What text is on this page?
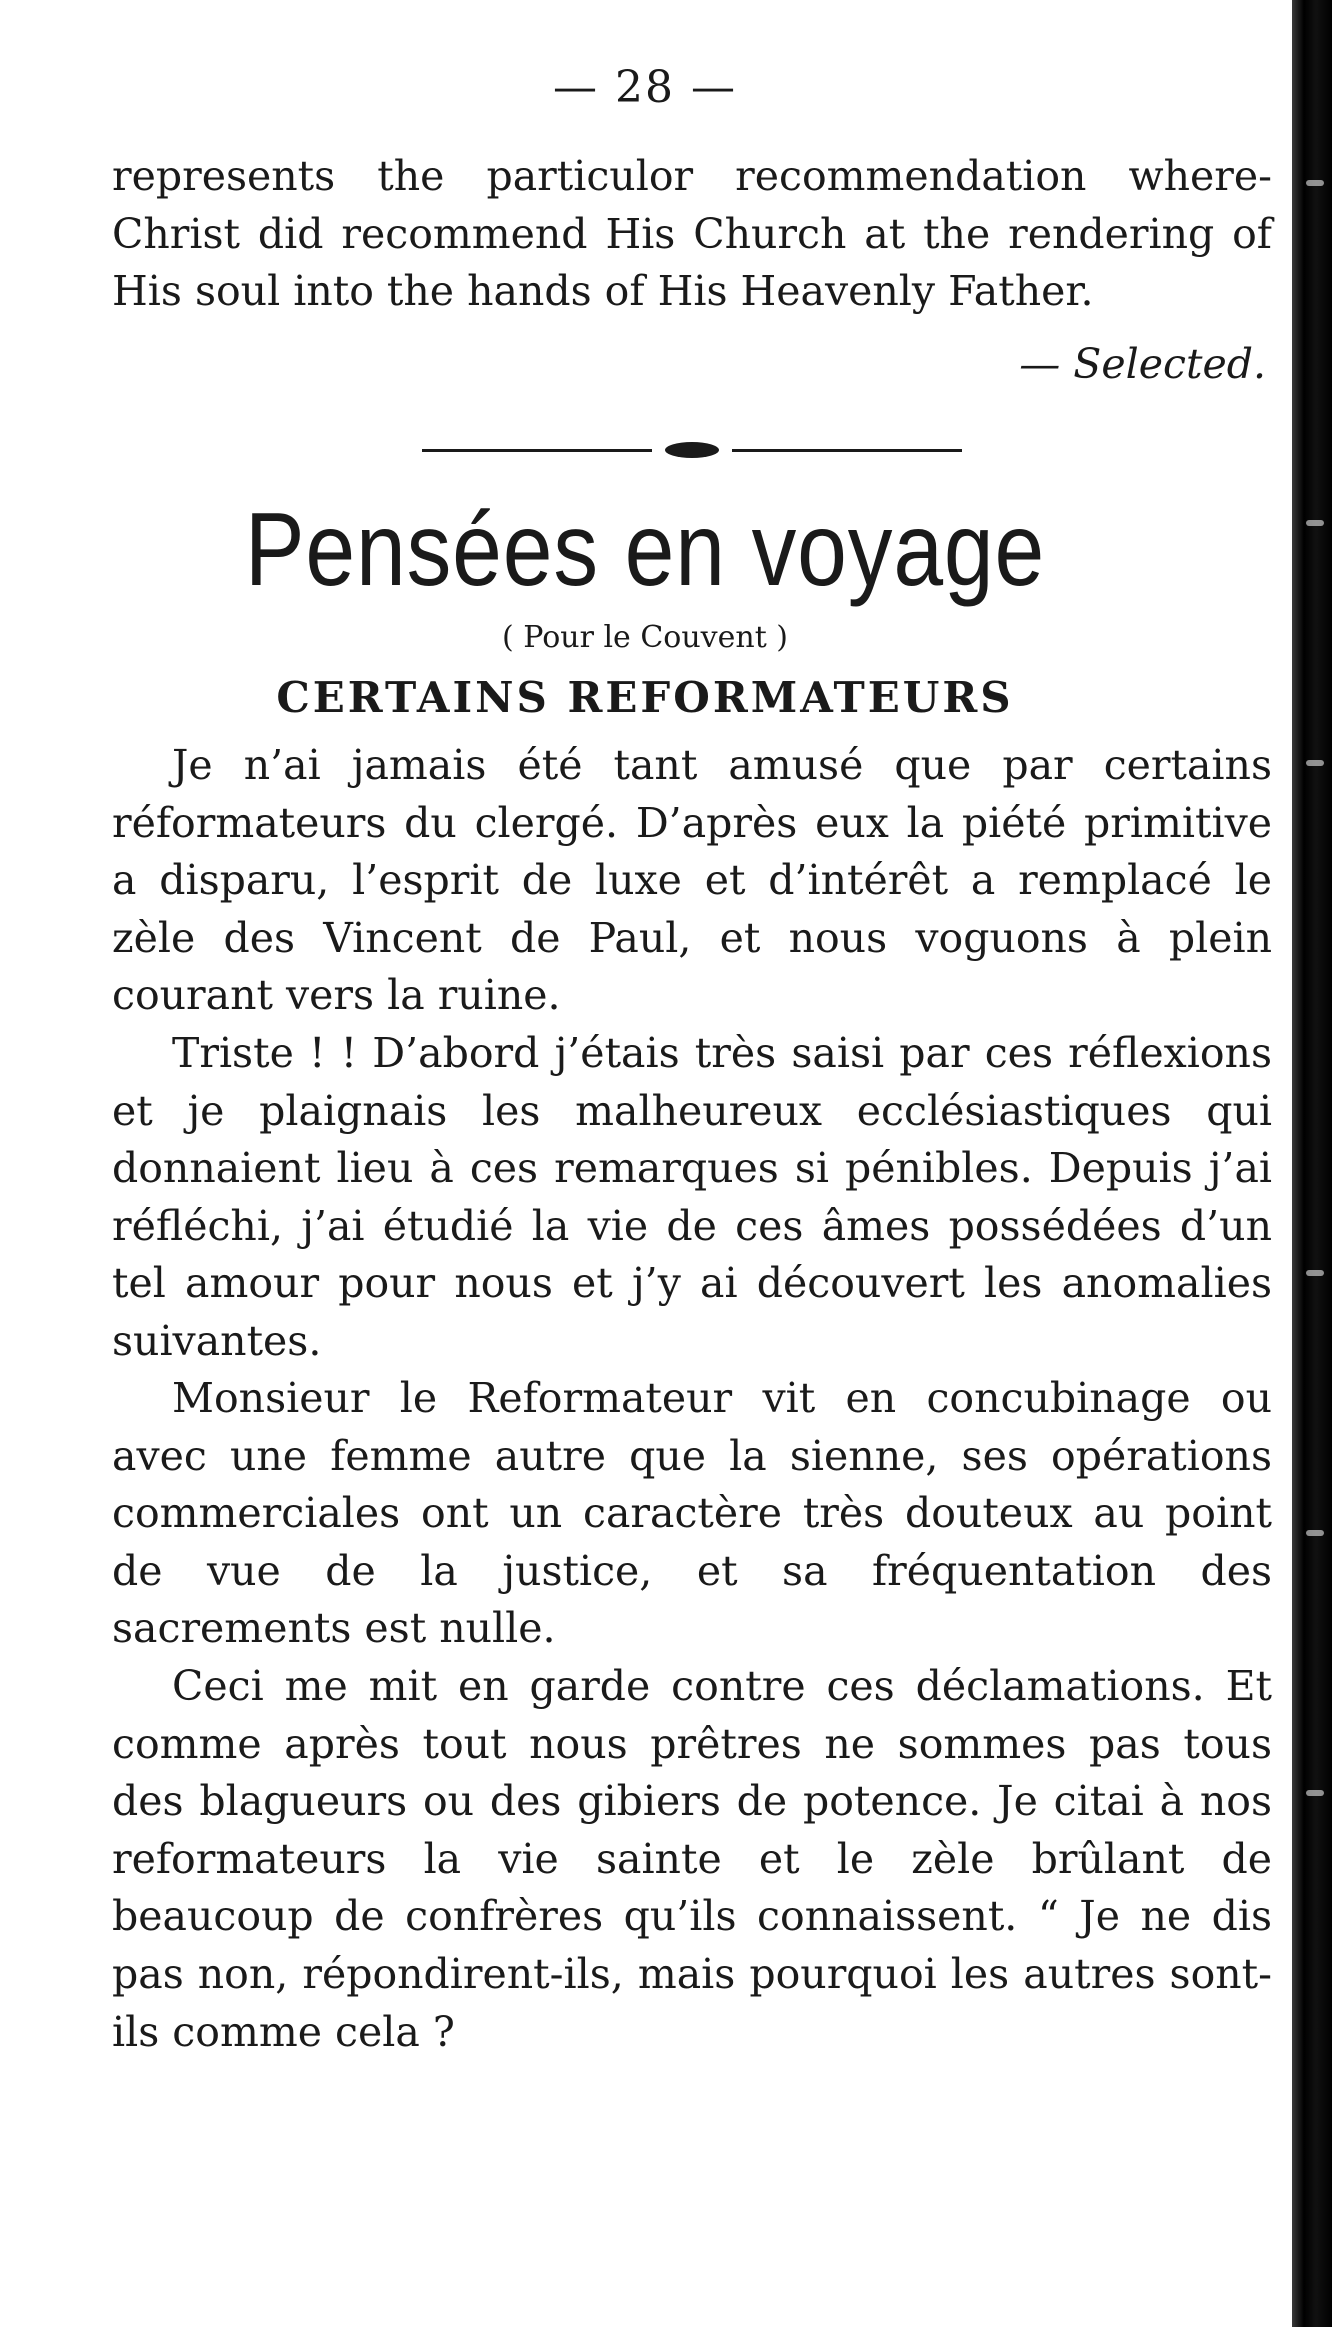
— 28 —

represents the particulor recommendation where-Christ did recommend His Church at the rendering of His soul into the hands of His Heavenly Father.

— Selected.
Pensées en voyage
( Pour le Couvent )
CERTAINS REFORMATEURS

Je n’ai jamais été tant amusé que par certains réformateurs du clergé. D’après eux la piété primitive a disparu, l’esprit de luxe et d’intérêt a remplacé le zèle des Vincent de Paul, et nous voguons à plein courant vers la ruine.

Triste ! ! D’abord j’étais très saisi par ces réflexions et je plaignais les malheureux ecclésiastiques qui donnaient lieu à ces remarques si pénibles. Depuis j’ai réfléchi, j’ai étudié la vie de ces âmes possédées d’un tel amour pour nous et j’y ai découvert les anomalies suivantes.

Monsieur le Reformateur vit en concubinage ou avec une femme autre que la sienne, ses opérations commerciales ont un caractère très douteux au point de vue de la justice, et sa fréquentation des sacrements est nulle.

Ceci me mit en garde contre ces déclamations. Et comme après tout nous prêtres ne sommes pas tous des blagueurs ou des gibiers de potence. Je citai à nos reformateurs la vie sainte et le zèle brûlant de beaucoup de confrères qu’ils connaissent. “ Je ne dis pas non, répondirent-ils, mais pourquoi les autres sont-ils comme cela ?
